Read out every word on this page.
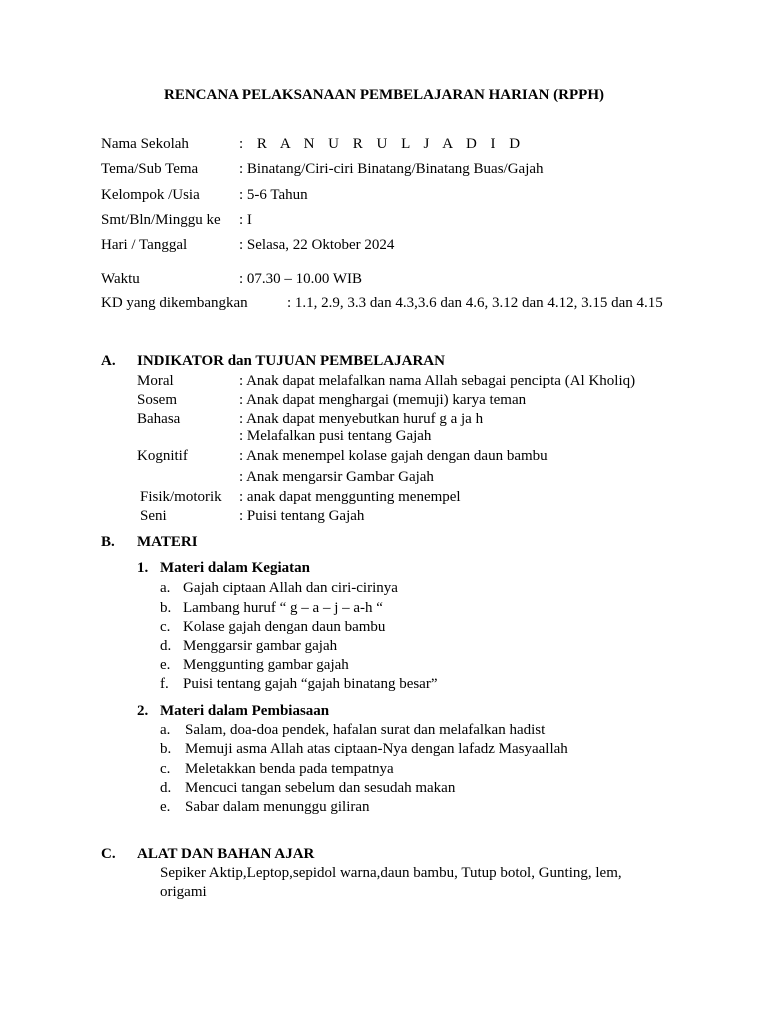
RENCANA PELAKSANAAN PEMBELAJARAN HARIAN (RPPH)
Nama Sekolah	: R A N U R U L J A D I D
Tema/Sub Tema	: Binatang/Ciri-ciri Binatang/Binatang Buas/Gajah
Kelompok /Usia	: 5-6 Tahun
Smt/Bln/Minggu ke : I
Hari / Tanggal	: Selasa, 22 Oktober 2024
Waktu	: 07.30 – 10.00 WIB
KD yang dikembangkan	: 1.1, 2.9, 3.3 dan 4.3,3.6 dan 4.6, 3.12 dan 4.12, 3.15 dan 4.15
A. INDIKATOR dan TUJUAN PEMBELAJARAN
Moral	: Anak dapat melafalkan nama Allah sebagai pencipta (Al Kholiq)
Sosem	: Anak dapat menghargai (memuji) karya teman
Bahasa	: Anak dapat menyebutkan huruf g a ja h
: Melafalkan pusi tentang Gajah
Kognitif	: Anak menempel kolase gajah dengan daun bambu
: Anak mengarsir Gambar Gajah
Fisik/motorik : anak dapat menggunting menempel
Seni	: Puisi tentang Gajah
B. MATERI
1. Materi dalam Kegiatan
a. Gajah ciptaan Allah dan ciri-cirinya
b. Lambang huruf “ g – a – j – a-h “
c. Kolase gajah dengan daun bambu
d. Menggarsir gambar gajah
e. Menggunting gambar gajah
f. Puisi tentang gajah “gajah binatang besar”
2. Materi dalam Pembiasaan
a. Salam, doa-doa pendek, hafalan surat dan melafalkan hadist
b. Memuji asma Allah atas ciptaan-Nya dengan lafadz Masyaallah
c. Meletakkan benda pada tempatnya
d. Mencuci tangan sebelum dan sesudah makan
e. Sabar dalam menunggu giliran
C. ALAT DAN BAHAN AJAR
Sepiker Aktip,Leptop,sepidol warna,daun bambu, Tutup botol, Gunting, lem,
origami
